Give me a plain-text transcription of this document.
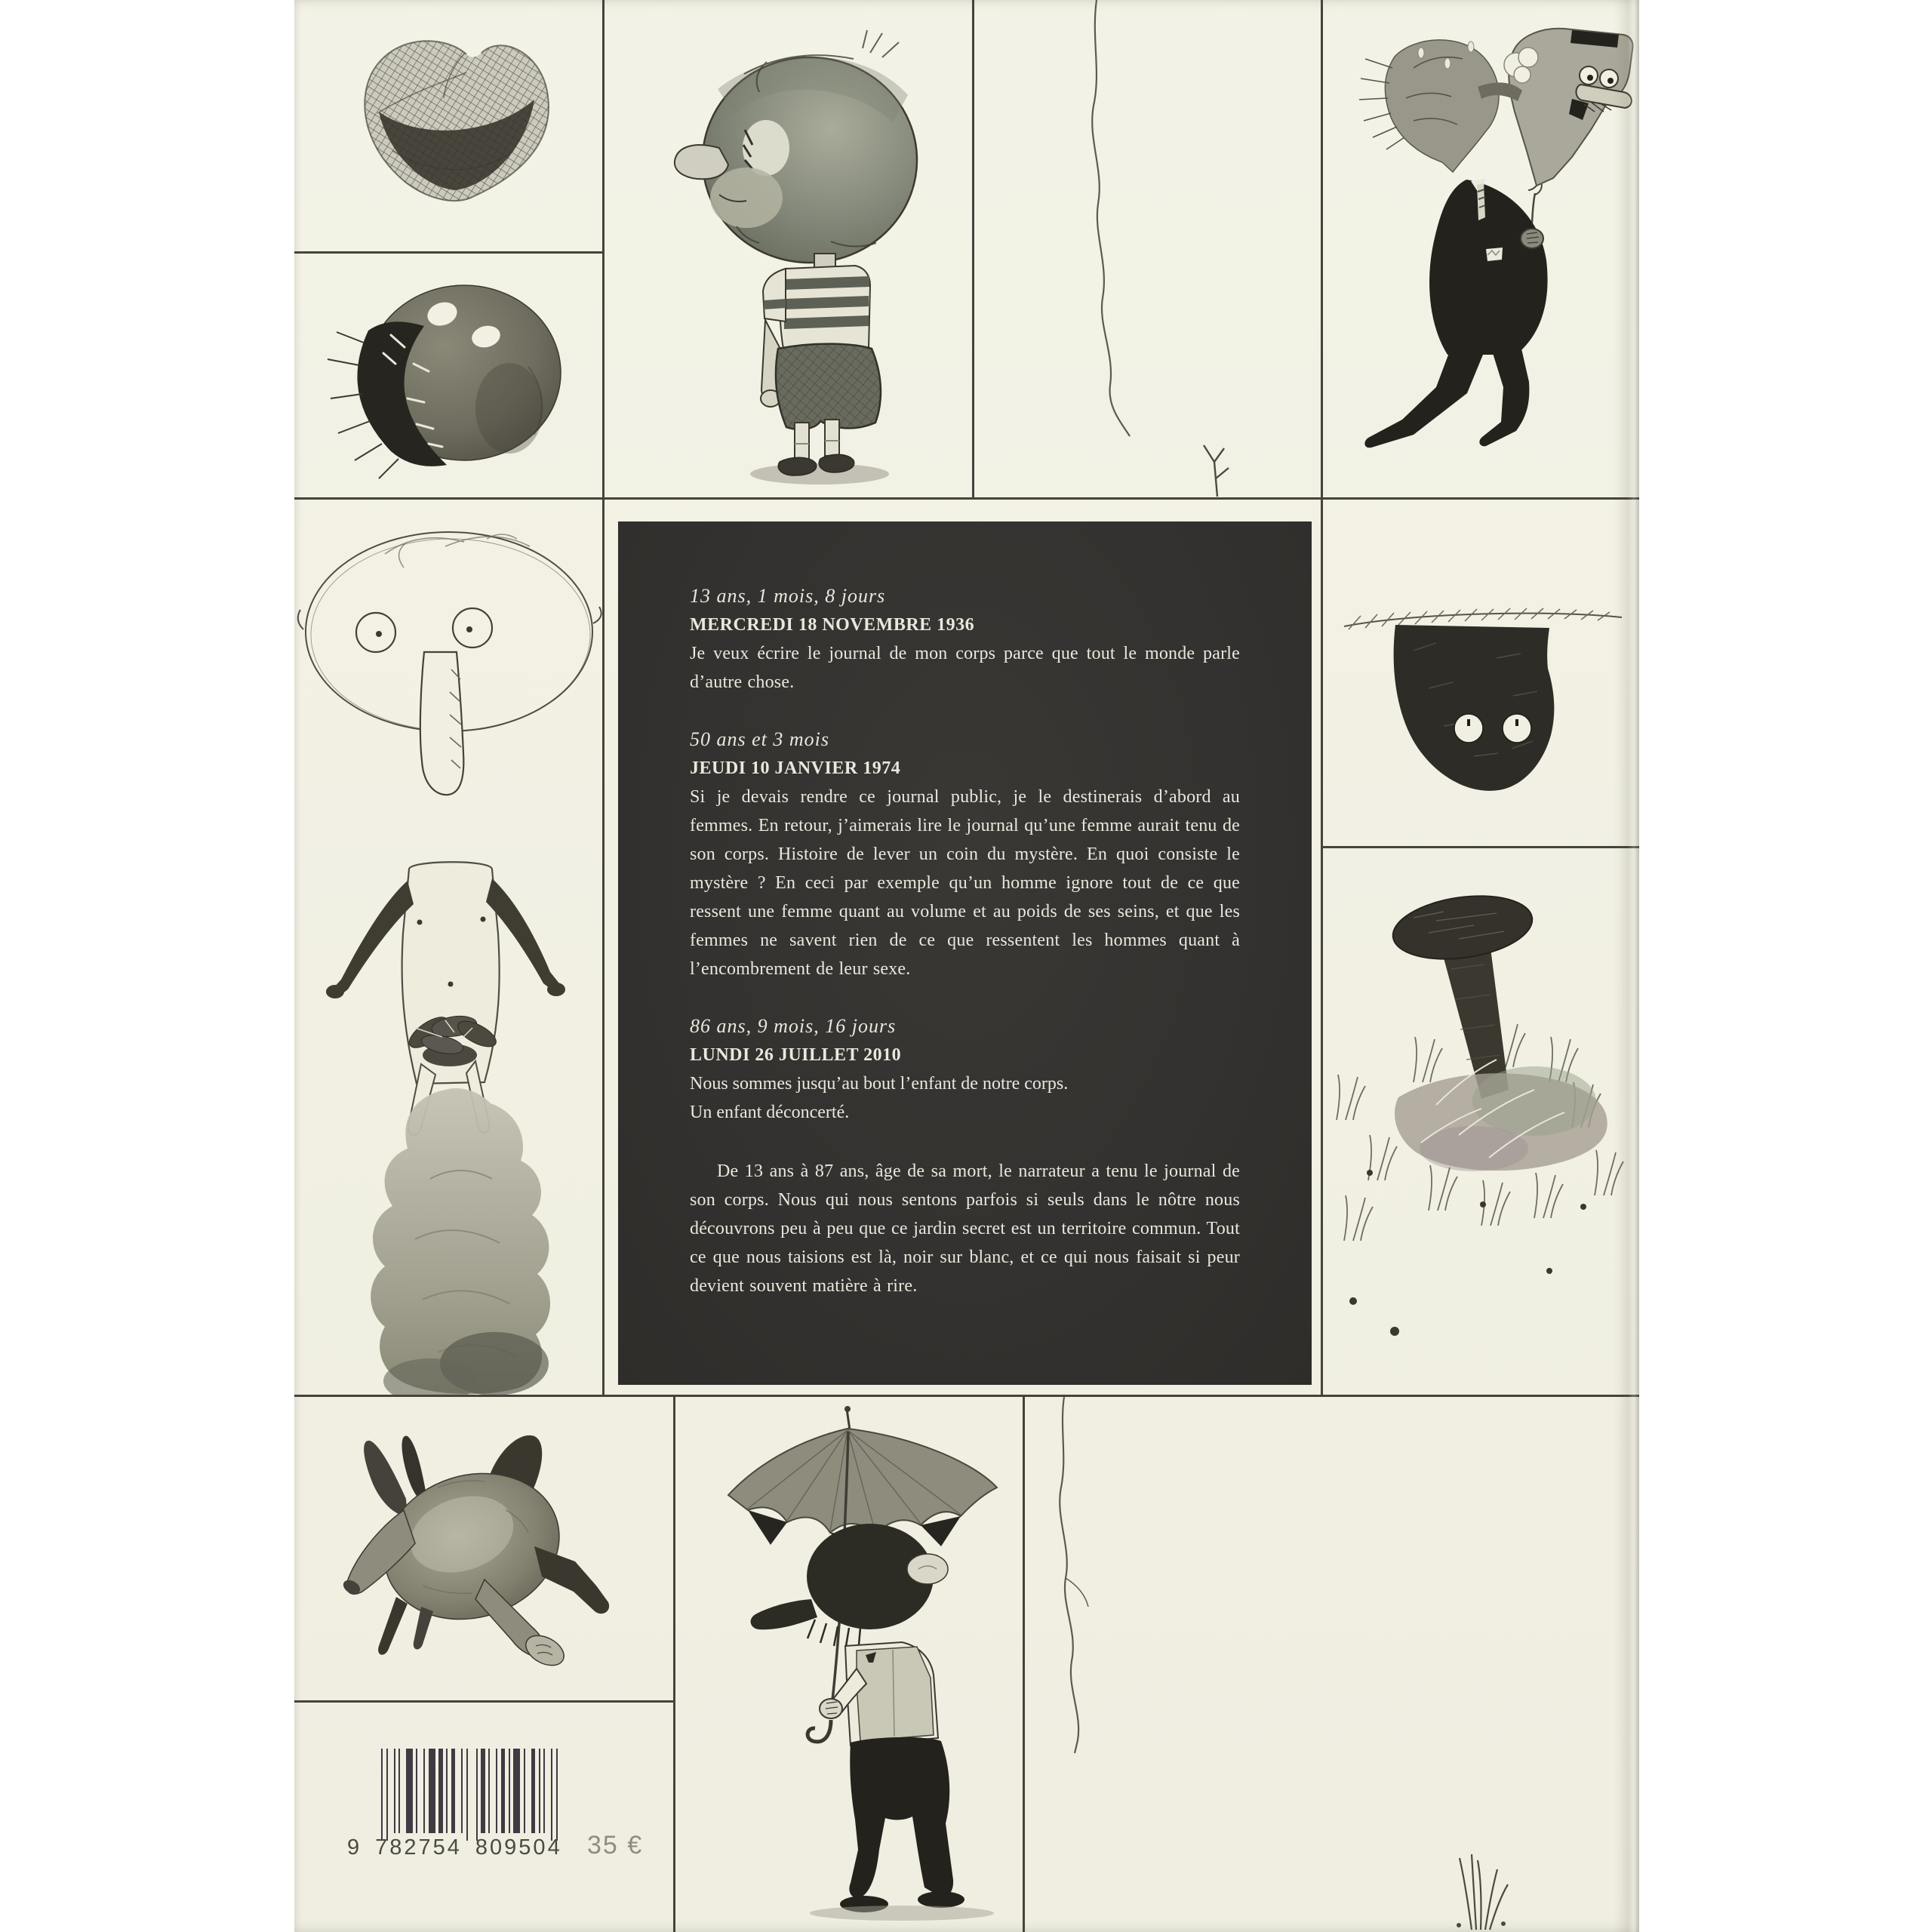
13 ans, 1 mois, 8 jours
MERCREDI 18 NOVEMBRE 1936
Je veux écrire le journal de mon corps parce que tout le monde parle d’autre chose.
50 ans et 3 mois
JEUDI 10 JANVIER 1974
Si je devais rendre ce journal public, je le destinerais d’abord au femmes. En retour, j’aimerais lire le journal qu’une femme aurait tenu de son corps. Histoire de lever un coin du mystère. En quoi consiste le mystère ? En ceci par exemple qu’un homme ignore tout de ce que ressent une femme quant au volume et au poids de ses seins, et que les femmes ne savent rien de ce que ressentent les hommes quant à l’encombrement de leur sexe.
86 ans, 9 mois, 16 jours
LUNDI 26 JUILLET 2010
Nous sommes jusqu’au bout l’enfant de notre corps.
Un enfant déconcerté.
De 13 ans à 87 ans, âge de sa mort, le narrateur a tenu le journal de son corps. Nous qui nous sentons parfois si seuls dans le nôtre nous découvrons peu à peu que ce jardin secret est un territoire commun. Tout ce que nous taisions est là, noir sur blanc, et ce qui nous faisait si peur devient souvent matière à rire.
9 782754 809504 35 €
